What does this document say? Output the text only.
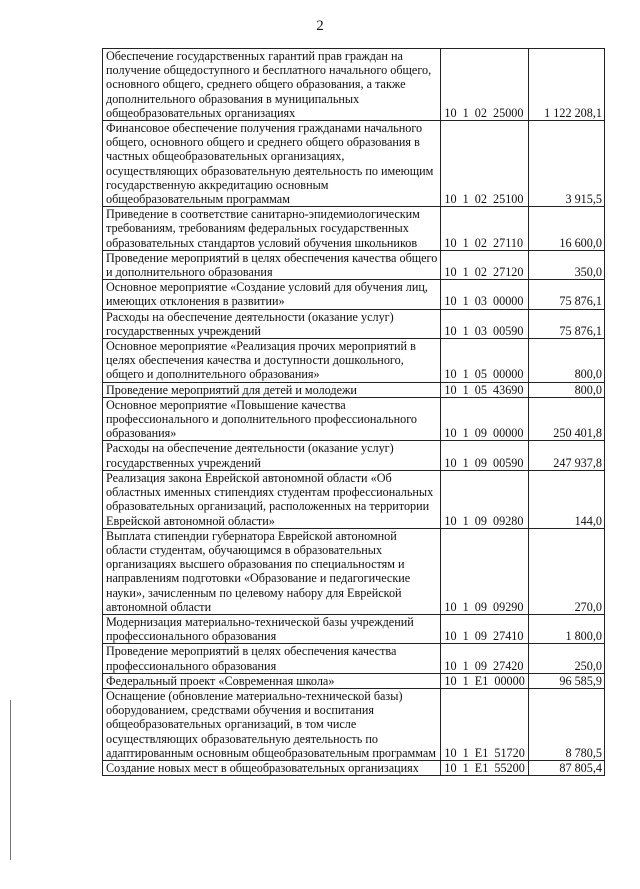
2
Обеспечение государственных гарантий прав граждан на получение общедоступного и бесплатного начального общего, основного общего, среднего общего образования, а также дополнительного образования в муниципальных общеобразовательных организациях	10 1 02 25000	1 122 208,1
Финансовое обеспечение получения гражданами начального общего, основного общего и среднего общего образования в частных общеобразовательных организациях, осуществляющих образовательную деятельность по имеющим государственную аккредитацию основным общеобразовательным программам	10 1 02 25100	3 915,5
Приведение в соответствие санитарно-эпидемиологическим требованиям, требованиям федеральных государственных образовательных стандартов условий обучения школьников	10 1 02 27110	16 600,0
Проведение мероприятий в целях обеспечения качества общего и дополнительного образования	10 1 02 27120	350,0
Основное мероприятие «Создание условий для обучения лиц, имеющих отклонения в развитии»	10 1 03 00000	75 876,1
Расходы на обеспечение деятельности (оказание услуг) государственных учреждений	10 1 03 00590	75 876,1
Основное мероприятие «Реализация прочих мероприятий в целях обеспечения качества и доступности дошкольного, общего и дополнительного образования»	10 1 05 00000	800,0
Проведение мероприятий для детей и молодежи	10 1 05 43690	800,0
Основное мероприятие «Повышение качества профессионального и дополнительного профессионального образования»	10 1 09 00000	250 401,8
Расходы на обеспечение деятельности (оказание услуг) государственных учреждений	10 1 09 00590	247 937,8
Реализация закона Еврейской автономной области «Об областных именных стипендиях студентам профессиональных образовательных организаций, расположенных на территории Еврейской автономной области»	10 1 09 09280	144,0
Выплата стипендии губернатора Еврейской автономной области студентам, обучающимся в образовательных организациях высшего образования по специальностям и направлениям подготовки «Образование и педагогические науки», зачисленным по целевому набору для Еврейской автономной области	10 1 09 09290	270,0
Модернизация материально-технической базы учреждений профессионального образования	10 1 09 27410	1 800,0
Проведение мероприятий в целях обеспечения качества профессионального образования	10 1 09 27420	250,0
Федеральный проект «Современная школа»	10 1 E1 00000	96 585,9
Оснащение (обновление материально-технической базы) оборудованием, средствами обучения и воспитания общеобразовательных организаций, в том числе осуществляющих образовательную деятельность по адаптированным основным общеобразовательным программам	10 1 E1 51720	8 780,5
Создание новых мест в общеобразовательных организациях	10 1 E1 55200	87 805,4
